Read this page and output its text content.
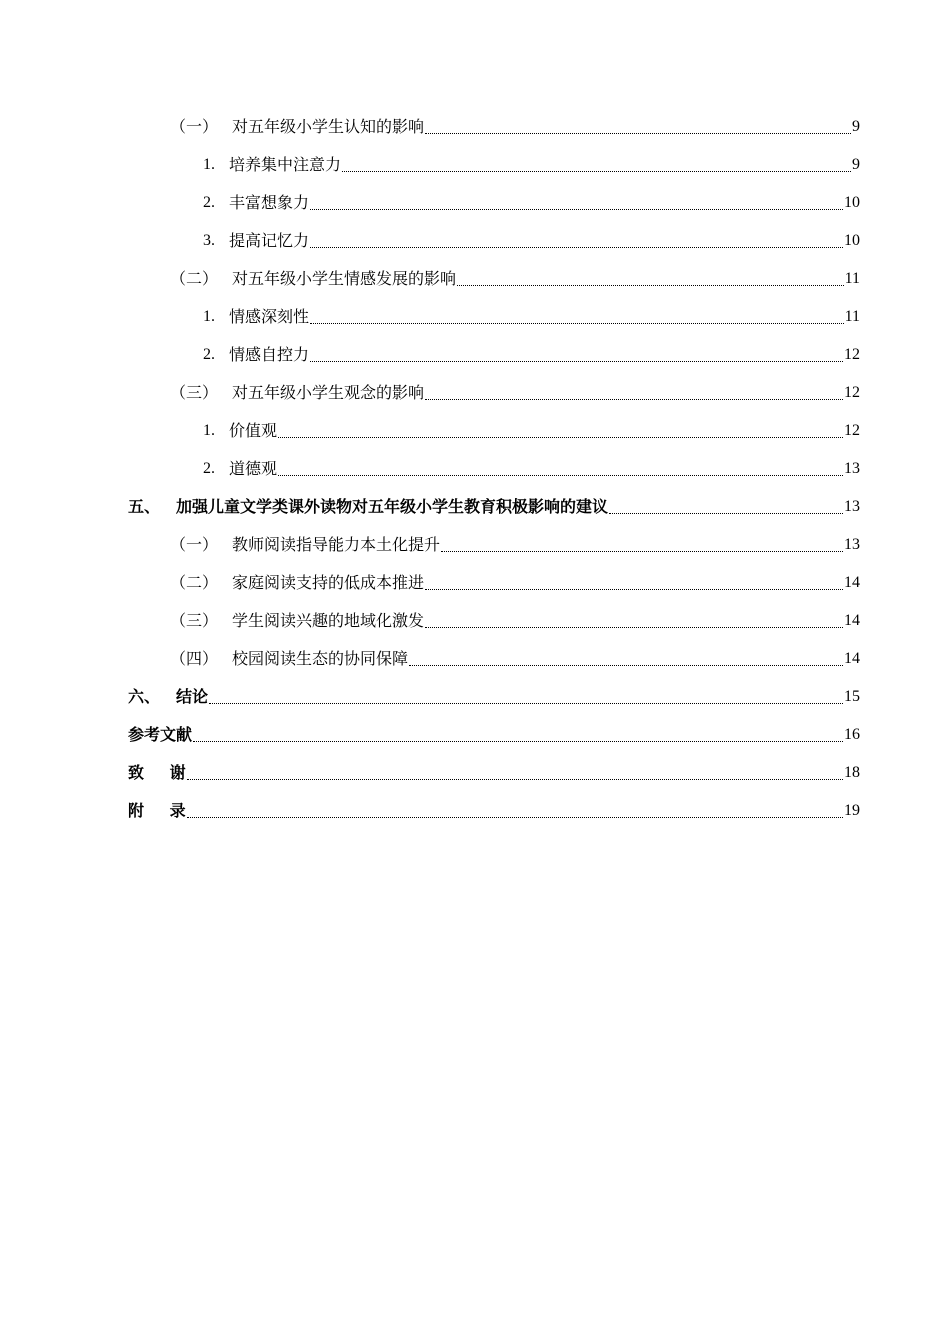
（一） 对五年级小学生认知的影响	9
1. 培养集中注意力	9
2. 丰富想象力	10
3. 提高记忆力	10
（二） 对五年级小学生情感发展的影响	11
1. 情感深刻性	11
2. 情感自控力	12
（三） 对五年级小学生观念的影响	12
1. 价值观	12
2. 道德观	13
五、 加强儿童文学类课外读物对五年级小学生教育积极影响的建议	13
（一） 教师阅读指导能力本土化提升	13
（二） 家庭阅读支持的低成本推进	14
（三） 学生阅读兴趣的地域化激发	14
（四） 校园阅读生态的协同保障	14
六、 结论	15
参考文献	16
致 谢	18
附 录	19
